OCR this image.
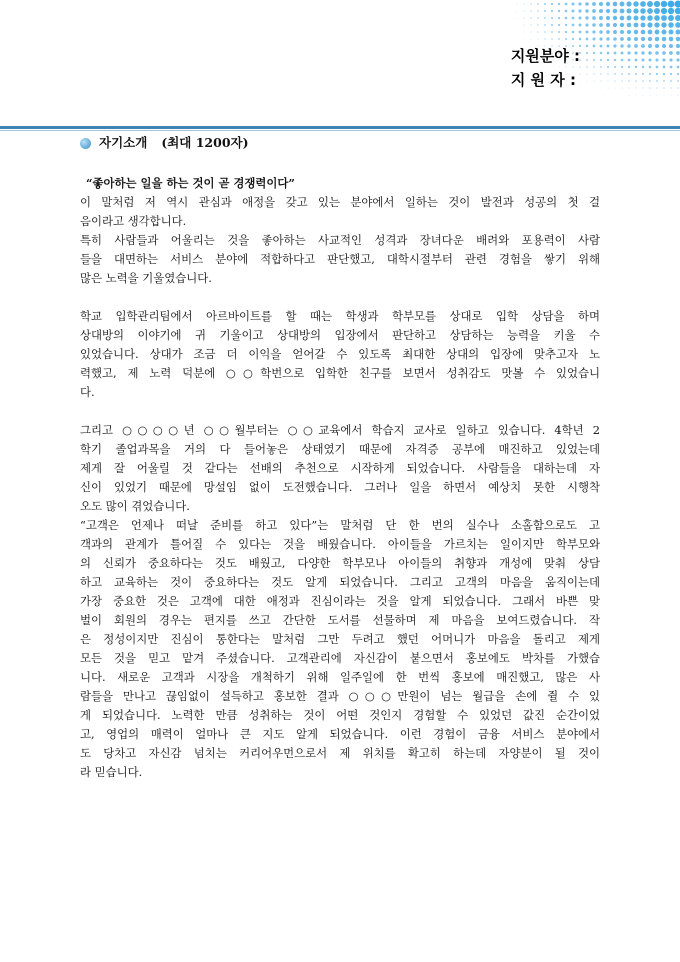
지원분야 :
지 원 자 :
자기소개 (최대 1200자)
“좋아하는 일을 하는 것이 곧 경쟁력이다”
이 말처럼 저 역시 관심과 애정을 갖고 있는 분야에서 일하는 것이 발전과 성공의 첫 걸
음이라고 생각합니다.
특히 사람들과 어울리는 것을 좋아하는 사교적인 성격과 장녀다운 배려와 포용력이 사람
들을 대면하는 서비스 분야에 적합하다고 판단했고, 대학시절부터 관련 경험을 쌓기 위해
많은 노력을 기울였습니다.
학교 입학관리팀에서 아르바이트를 할 때는 학생과 학부모를 상대로 입학 상담을 하며
상대방의 이야기에 귀 기울이고 상대방의 입장에서 판단하고 상담하는 능력을 키울 수
있었습니다. 상대가 조금 더 이익을 얻어갈 수 있도록 최대한 상대의 입장에 맞추고자 노
력했고, 제 노력 덕분에 ○○학번으로 입학한 친구를 보면서 성취감도 맛볼 수 있었습니
다.
그리고 ○○○○년 ○○월부터는 ○○교육에서 학습지 교사로 일하고 있습니다. 4학년 2
학기 졸업과목을 거의 다 들어놓은 상태였기 때문에 자격증 공부에 매진하고 있었는데
제게 잘 어울릴 것 같다는 선배의 추천으로 시작하게 되었습니다. 사람들을 대하는데 자
신이 있었기 때문에 망설임 없이 도전했습니다. 그러나 일을 하면서 예상치 못한 시행착
오도 많이 겪었습니다.
“고객은 언제나 떠날 준비를 하고 있다”는 말처럼 단 한 번의 실수나 소홀함으로도 고
객과의 관계가 틀어질 수 있다는 것을 배웠습니다. 아이들을 가르치는 일이지만 학부모와
의 신뢰가 중요하다는 것도 배웠고, 다양한 학부모나 아이들의 취향과 개성에 맞춰 상담
하고 교육하는 것이 중요하다는 것도 알게 되었습니다. 그리고 고객의 마음을 움직이는데
가장 중요한 것은 고객에 대한 애정과 진심이라는 것을 알게 되었습니다. 그래서 바쁜 맞
벌이 회원의 경우는 편지를 쓰고 간단한 도서를 선물하며 제 마음을 보여드렸습니다. 작
은 정성이지만 진심이 통한다는 말처럼 그만 두려고 했던 어머니가 마음을 돌리고 제게
모든 것을 믿고 맡겨 주셨습니다. 고객관리에 자신감이 붙으면서 홍보에도 박차를 가했습
니다. 새로운 고객과 시장을 개척하기 위해 일주일에 한 번씩 홍보에 매진했고, 많은 사
람들을 만나고 끊임없이 설득하고 홍보한 결과 ○○○만원이 넘는 월급을 손에 쥘 수 있
게 되었습니다. 노력한 만큼 성취하는 것이 어떤 것인지 경험할 수 있었던 값진 순간이었
고, 영업의 매력이 얼마나 큰 지도 알게 되었습니다. 이런 경험이 금융 서비스 분야에서
도 당차고 자신감 넘치는 커리어우먼으로서 제 위치를 확고히 하는데 자양분이 될 것이
라 믿습니다.
